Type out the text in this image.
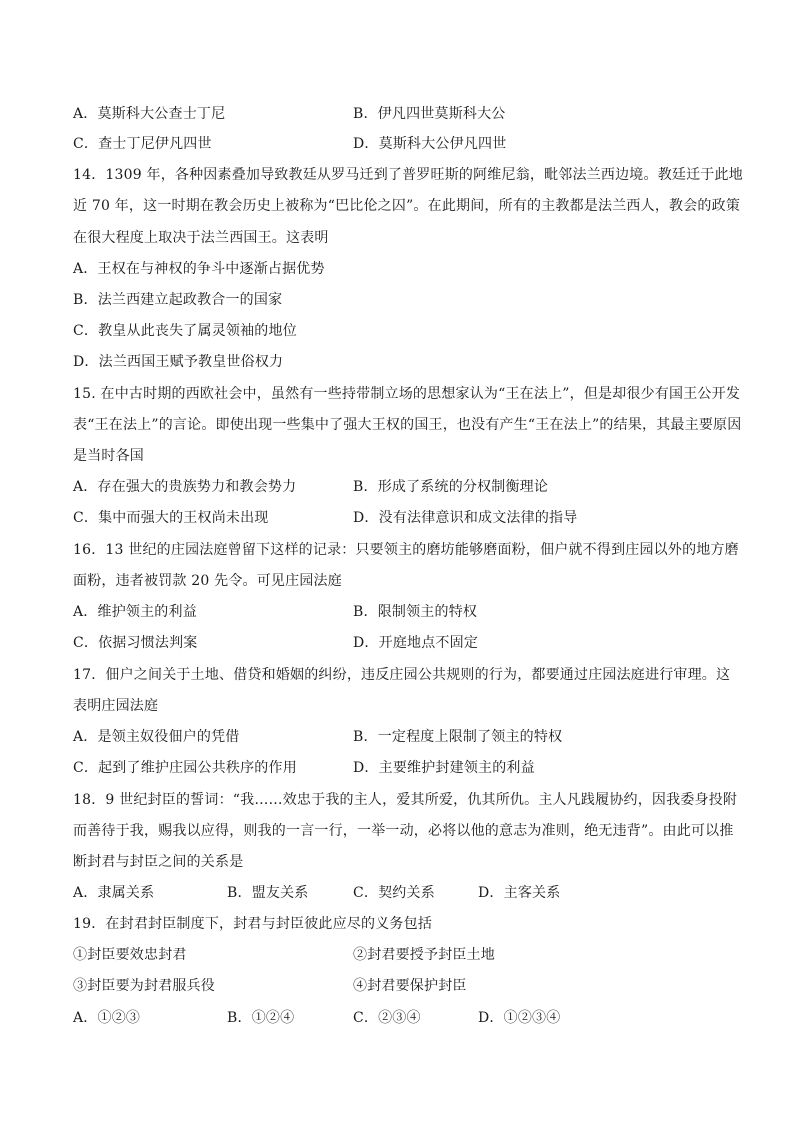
A．莫斯科大公查士丁尼	B．伊凡四世莫斯科大公
C．查士丁尼伊凡四世	D．莫斯科大公伊凡四世
14．1309 年，各种因素叠加导致教廷从罗马迁到了普罗旺斯的阿维尼翁，毗邻法兰西边境。教廷迁于此地
近 70 年，这一时期在教会历史上被称为“巴比伦之囚”。在此期间，所有的主教都是法兰西人，教会的政策
在很大程度上取决于法兰西国王。这表明
A．王权在与神权的争斗中逐渐占据优势
B．法兰西建立起政教合一的国家
C．教皇从此丧失了属灵领袖的地位
D．法兰西国王赋予教皇世俗权力
15. 在中古时期的西欧社会中，虽然有一些持带制立场的思想家认为“王在法上”，但是却很少有国王公开发
表“王在法上”的言论。即使出现一些集中了强大王权的国王，也没有产生“王在法上”的结果，其最主要原因
是当时各国
A．存在强大的贵族势力和教会势力	B．形成了系统的分权制衡理论
C．集中而强大的王权尚未出现	D．没有法律意识和成文法律的指导
16．13 世纪的庄园法庭曾留下这样的记录：只要领主的磨坊能够磨面粉，佃户就不得到庄园以外的地方磨
面粉，违者被罚款 20 先令。可见庄园法庭
A．维护领主的利益	B．限制领主的特权
C．依据习惯法判案	D．开庭地点不固定
17．佃户之间关于土地、借贷和婚姻的纠纷，违反庄园公共规则的行为，都要通过庄园法庭进行审理。这
表明庄园法庭
A．是领主奴役佃户的凭借	B．一定程度上限制了领主的特权
C．起到了维护庄园公共秩序的作用	D．主要维护封建领主的利益
18．9 世纪封臣的誓词：“我……效忠于我的主人，爱其所爱，仇其所仇。主人凡践履协约，因我委身投附
而善待于我，赐我以应得，则我的一言一行，一举一动，必将以他的意志为准则，绝无违背”。由此可以推
断封君与封臣之间的关系是
A．隶属关系	B．盟友关系	C．契约关系	D．主客关系
19．在封君封臣制度下，封君与封臣彼此应尽的义务包括
①封臣要效忠封君	②封君要授予封臣土地
③封臣要为封君服兵役	④封君要保护封臣
A．①②③	B．①②④	C．②③④	D．①②③④
